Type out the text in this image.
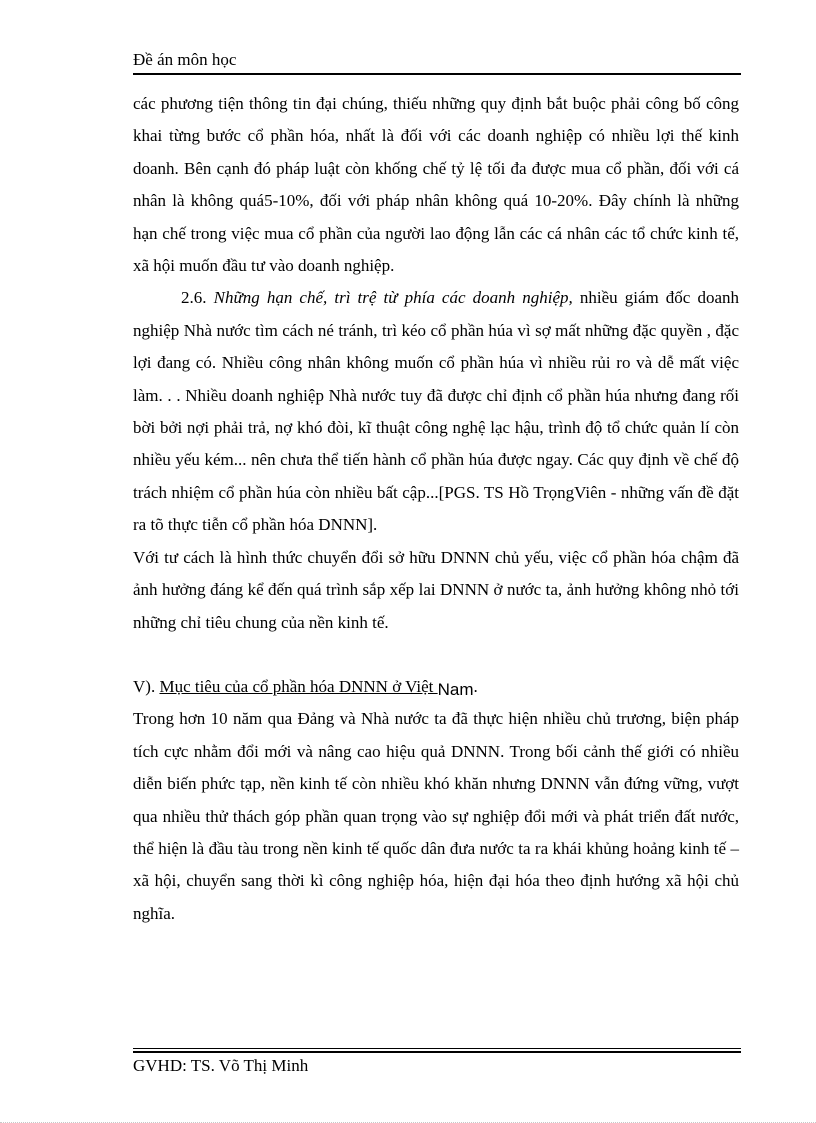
Đề án môn học

các phương tiện thông tin đại chúng, thiếu những quy định bắt buộc phải công bố công khai từng bước cổ phần hóa, nhất là đối với các doanh nghiệp có nhiều lợi thế kinh doanh. Bên cạnh đó pháp luật còn khống chế tỷ lệ tối đa được mua cổ phần, đối với cá nhân là không quá5-10%, đối với pháp nhân không quá 10-20%. Đây chính là những hạn chế trong việc mua cổ phần của người lao động lẫn các cá nhân các tổ chức kinh tế, xã hội muốn đầu tư vào doanh nghiệp.

2.6. Những hạn chế, trì trệ từ phía các doanh nghiệp, nhiều giám đốc doanh nghiệp Nhà nước tìm cách né tránh, trì kéo cổ phần húa vì sợ mất những đặc quyền , đặc lợi đang có. Nhiều công nhân không muốn cổ phần húa vì nhiều rủi ro và dễ mất việc làm. . . Nhiều doanh nghiệp Nhà nước tuy đã được chỉ định cổ phần húa nhưng đang rối bời bởi nợi phải trả, nợ khó đòi, kĩ thuật công nghệ lạc hậu, trình độ tổ chức quản lí còn nhiều yếu kém... nên chưa thể tiến hành cổ phần húa được ngay. Các quy định về chế độ trách nhiệm cổ phần húa còn nhiều bất cập...[PGS. TS Hồ TrọngViên - những vấn đề đặt ra tõ thực tiễn cổ phần hóa DNNN].

Với tư cách là hình thức chuyển đổi sở hữu DNNN chủ yếu, việc cổ phần hóa chậm đã ảnh hưởng đáng kể đến quá trình sắp xếp lai DNNN ở nước ta, ảnh hưởng không nhỏ tới những chỉ tiêu chung của nền kinh tế.

V). Mục tiêu của cổ phần hóa DNNN ở Việt Nam.

Trong hơn 10 năm qua Đảng và Nhà nước ta đã thực hiện nhiều chủ trương, biện pháp tích cực nhằm đổi mới và nâng cao hiệu quả DNNN. Trong bối cảnh thế giới có nhiều diễn biến phức tạp, nền kinh tế còn nhiều khó khăn nhưng DNNN vẫn đứng vững, vượt qua nhiều thử thách góp phần quan trọng vào sự nghiệp đổi mới và phát triển đất nước, thể hiện là đầu tàu trong nền kinh tế quốc dân đưa nước ta ra khái khủng hoảng kinh tế – xã hội, chuyển sang thời kì công nghiệp hóa, hiện đại hóa theo định hướng xã hội chủ nghĩa.

GVHD: TS. Võ Thị Minh
